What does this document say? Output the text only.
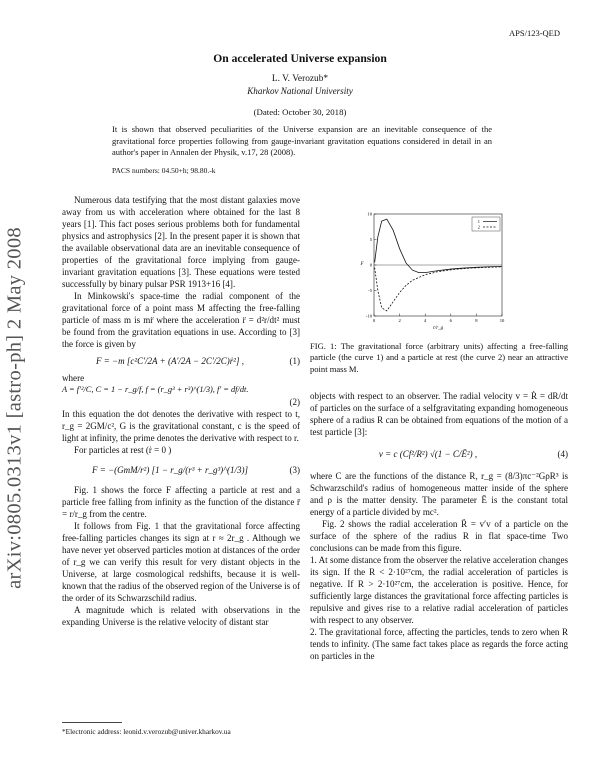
arXiv:0805.0313v1 [astro-ph] 2 May 2008
APS/123-QED
On accelerated Universe expansion
L. V. Verozub*
Kharkov National University
(Dated: October 30, 2018)
It is shown that observed peculiarities of the Universe expansion are an inevitable consequence of the gravitational force properties following from gauge-invariant gravitation equations considered in detail in an author's paper in Annalen der Physik, v.17, 28 (2008).
PACS numbers: 04.50+h; 98.80.-k

Numerous data testifying that the most distant galaxies move away from us with acceleration where obtained for the last 8 years [1]. This fact poses serious problems both for fundamental physics and astrophysics [2]. In the present paper it is shown that the available observational data are an inevitable consequence of properties of the gravitational force implying from gauge-invariant gravitation equations [3]. These equations were tested successfully by binary pulsar PSR 1913+16 [4].

In Minkowski's space-time the radial component of the gravitational force of a point mass M affecting the free-falling particle of mass m is mr̈ where the acceleration r̈ = d²r/dt² must be found from the gravitation equations in use. According to [3] the force is given by

F = −m [c²C′/2A + (A′/2A − 2C′/2C)ṙ²] ,	(1)

where

A = f′²/C, C = 1 − r_g/f, f = (r_g³ + r³)^(1/3), f′ = df/dt.

(2)

In this equation the dot denotes the derivative with respect to t, r_g = 2GM/c², G is the gravitational constant, c is the speed of light at infinity, the prime denotes the derivative with respect to r.

For particles at rest (ṙ = 0 )

F = −(GmM/r²) [1 − r_g/(r³ + r_g³)^(1/3)]	(3)

Fig. 1 shows the force F affecting a particle at rest and a particle free falling from infinity as the function of the distance r̄ = r/r_g from the centre.

It follows from Fig. 1 that the gravitational force affecting free-falling particles changes its sign at r ≈ 2r_g . Although we have never yet observed particles motion at distances of the order of r_g we can verify this result for very distant objects in the Universe, at large cosmological redshifts, because it is well-known that the radius of the observed region of the Universe is of the order of its Schwarzschild radius.

A magnitude which is related with observations in the expanding Universe is the relative velocity of distant star

*Electronic address: leonid.v.verozub@univer.kharkov.ua
0	2	4	6	8	10
10
5
0
-5
-10
r/r_g
F
1
2
FIG. 1: The gravitational force (arbitrary units) affecting a free-falling particle (the curve 1) and a particle at rest (the curve 2) near an attractive point mass M.

objects with respect to an observer. The radial velocity v = Ṙ = dR/dt of particles on the surface of a selfgravitating expanding homogeneous sphere of a radius R can be obtained from equations of the motion of a test particle [3]:

v = c (Cf²/R²) √(1 − C/Ē²) ,	(4)

where C are the functions of the distance R, r_g = (8/3)πc⁻²GρR³ is Schwarzschild's radius of homogeneous matter inside of the sphere and ρ is the matter density. The parameter Ē is the constant total energy of a particle divided by mc².

Fig. 2 shows the radial acceleration R̈ = v′v of a particle on the surface of the sphere of the radius R in flat space-time Two conclusions can be made from this figure.

1. At some distance from the observer the relative acceleration changes its sign. If the R < 2·10²⁷cm, the radial acceleration of particles is negative. If R > 2·10²⁷cm, the acceleration is positive. Hence, for sufficiently large distances the gravitational force affecting particles is repulsive and gives rise to a relative radial acceleration of particles with respect to any observer.

2. The gravitational force, affecting the particles, tends to zero when R tends to infinity. (The same fact takes place as regards the force acting on particles in the
